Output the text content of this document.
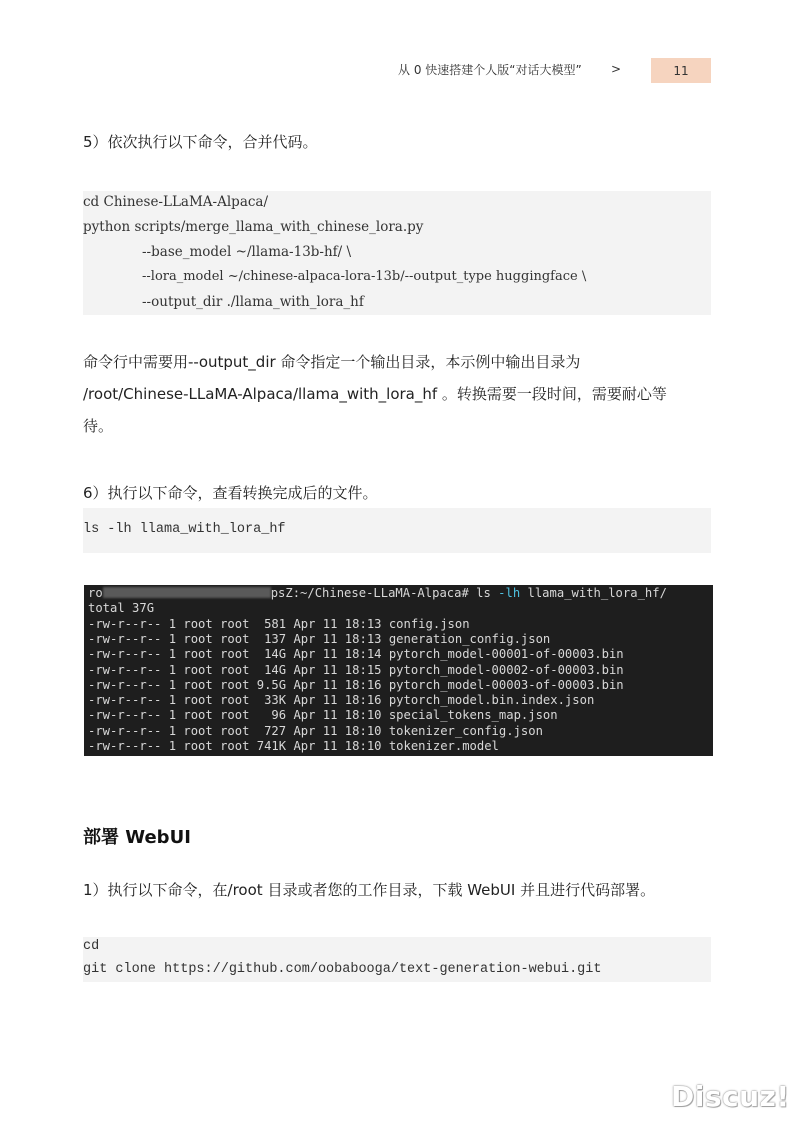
从 0 快速搭建个人版“对话大模型” >	11

5）依次执行以下命令，合并代码。

cd Chinese-LLaMA-Alpaca/
python scripts/merge_llama_with_chinese_lora.py
--base_model ~/llama-13b-hf/ \
--lora_model ~/chinese-alpaca-lora-13b/--output_type huggingface \
--output_dir ./llama_with_lora_hf

命令行中需要用--output_dir 命令指定一个输出目录，本示例中输出目录为

/root/Chinese-LLaMA-Alpaca/llama_with_lora_hf 。转换需要一段时间，需要耐心等

待。

6）执行以下命令，查看转换完成后的文件。

ls -lh llama_with_lora_hf
ro	psZ:~/Chinese-LLaMA-Alpaca# ls -lh llama_with_lora_hf/
total 37G
-rw-r--r-- 1 root root  581 Apr 11 18:13 config.json
-rw-r--r-- 1 root root  137 Apr 11 18:13 generation_config.json
-rw-r--r-- 1 root root  14G Apr 11 18:14 pytorch_model-00001-of-00003.bin
-rw-r--r-- 1 root root  14G Apr 11 18:15 pytorch_model-00002-of-00003.bin
-rw-r--r-- 1 root root 9.5G Apr 11 18:16 pytorch_model-00003-of-00003.bin
-rw-r--r-- 1 root root  33K Apr 11 18:16 pytorch_model.bin.index.json
-rw-r--r-- 1 root root   96 Apr 11 18:10 special_tokens_map.json
-rw-r--r-- 1 root root  727 Apr 11 18:10 tokenizer_config.json
-rw-r--r-- 1 root root 741K Apr 11 18:10 tokenizer.model
部署 WebUI

1）执行以下命令，在/root 目录或者您的工作目录，下载 WebUI 并且进行代码部署。

cd
git clone https://github.com/oobabooga/text-generation-webui.git
Discuz!
